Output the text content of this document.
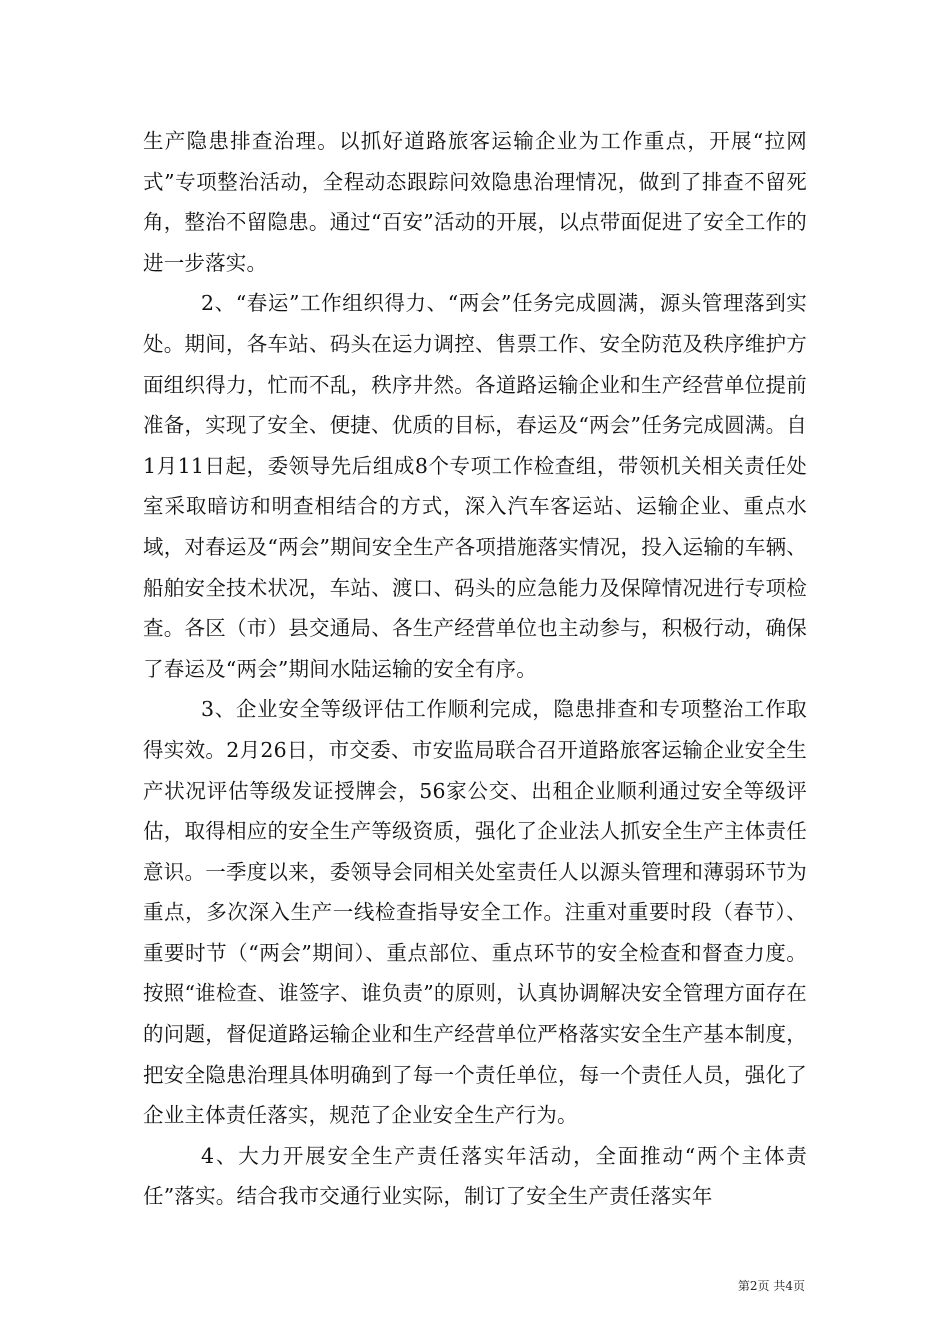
生产隐患排查治理。以抓好道路旅客运输企业为工作重点，开展“拉网式”专项整治活动，全程动态跟踪问效隐患治理情况，做到了排查不留死角，整治不留隐患。通过“百安”活动的开展，以点带面促进了安全工作的进一步落实。

2、“春运”工作组织得力、“两会”任务完成圆满，源头管理落到实处。期间，各车站、码头在运力调控、售票工作、安全防范及秩序维护方面组织得力，忙而不乱，秩序井然。各道路运输企业和生产经营单位提前准备，实现了安全、便捷、优质的目标，春运及“两会”任务完成圆满。自1月11日起，委领导先后组成8个专项工作检查组，带领机关相关责任处室采取暗访和明查相结合的方式，深入汽车客运站、运输企业、重点水域，对春运及“两会”期间安全生产各项措施落实情况，投入运输的车辆、船舶安全技术状况，车站、渡口、码头的应急能力及保障情况进行专项检查。各区（市）县交通局、各生产经营单位也主动参与，积极行动，确保了春运及“两会”期间水陆运输的安全有序。

3、企业安全等级评估工作顺利完成，隐患排查和专项整治工作取得实效。2月26日，市交委、市安监局联合召开道路旅客运输企业安全生产状况评估等级发证授牌会，56家公交、出租企业顺利通过安全等级评估，取得相应的安全生产等级资质，强化了企业法人抓安全生产主体责任意识。一季度以来，委领导会同相关处室责任人以源头管理和薄弱环节为重点，多次深入生产一线检查指导安全工作。注重对重要时段（春节）、重要时节（“两会”期间）、重点部位、重点环节的安全检查和督查力度。按照“谁检查、谁签字、谁负责”的原则，认真协调解决安全管理方面存在的问题，督促道路运输企业和生产经营单位严格落实安全生产基本制度，把安全隐患治理具体明确到了每一个责任单位，每一个责任人员，强化了企业主体责任落实，规范了企业安全生产行为。

4、大力开展安全生产责任落实年活动，全面推动“两个主体责任”落实。结合我市交通行业实际，制订了安全生产责任落实年

第2页 共4页
